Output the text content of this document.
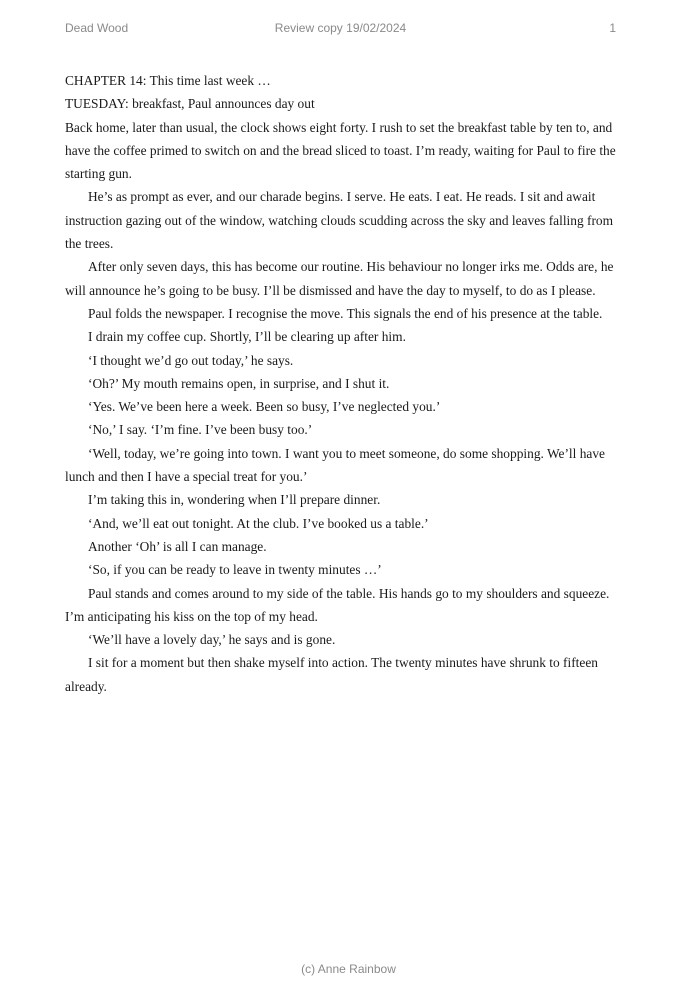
Dead Wood	Review copy 19/02/2024	1

CHAPTER 14: This time last week …

TUESDAY: breakfast, Paul announces day out

Back home, later than usual, the clock shows eight forty. I rush to set the breakfast table by ten to, and have the coffee primed to switch on and the bread sliced to toast. I’m ready, waiting for Paul to fire the starting gun.

He’s as prompt as ever, and our charade begins. I serve. He eats. I eat. He reads. I sit and await instruction gazing out of the window, watching clouds scudding across the sky and leaves falling from the trees.

After only seven days, this has become our routine. His behaviour no longer irks me. Odds are, he will announce he’s going to be busy. I’ll be dismissed and have the day to myself, to do as I please.

Paul folds the newspaper. I recognise the move. This signals the end of his presence at the table.

I drain my coffee cup. Shortly, I’ll be clearing up after him.

‘I thought we’d go out today,’ he says.

‘Oh?’ My mouth remains open, in surprise, and I shut it.

‘Yes. We’ve been here a week. Been so busy, I’ve neglected you.’

‘No,’ I say. ‘I’m fine. I’ve been busy too.’

‘Well, today, we’re going into town. I want you to meet someone, do some shopping. We’ll have lunch and then I have a special treat for you.’

I’m taking this in, wondering when I’ll prepare dinner.

‘And, we’ll eat out tonight. At the club. I’ve booked us a table.’

Another ‘Oh’ is all I can manage.

‘So, if you can be ready to leave in twenty minutes …’

Paul stands and comes around to my side of the table. His hands go to my shoulders and squeeze. I’m anticipating his kiss on the top of my head.

‘We’ll have a lovely day,’ he says and is gone.

I sit for a moment but then shake myself into action. The twenty minutes have shrunk to fifteen already.

(c) Anne Rainbow
